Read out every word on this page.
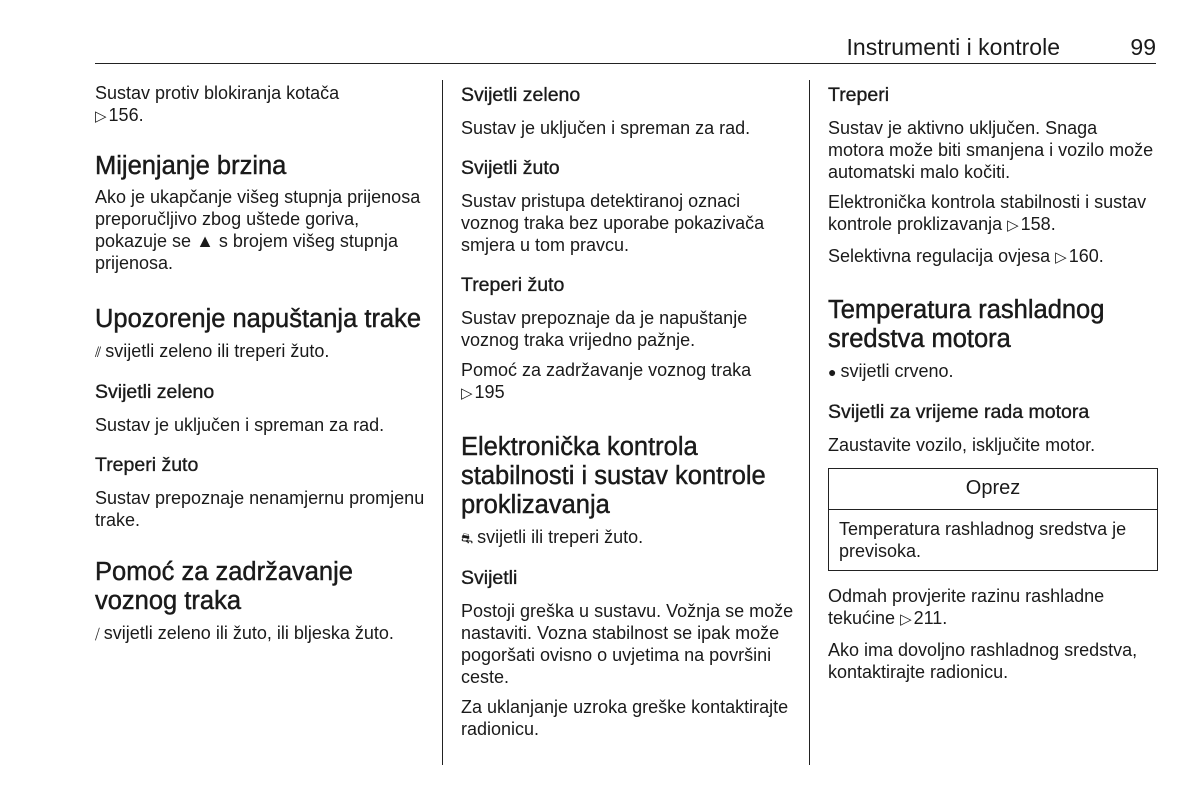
Instrumenti i kontrole	99

Sustav protiv blokiranja kotača
▷ 156.

Mijenjanje brzina

Ako je ukapčanje višeg stupnja prijenosa preporučljivo zbog uštede goriva, pokazuje se ▲ s brojem višeg stupnja prijenosa.

Upozorenje napuštanja trake

⫽ svijetli zeleno ili treperi žuto.

Svijetli zeleno

Sustav je uključen i spreman za rad.

Treperi žuto

Sustav prepoznaje nenamjernu promjenu trake.

Pomoć za zadržavanje voznog traka

⧸ svijetli zeleno ili žuto, ili bljeska žuto.

Svijetli zeleno

Sustav je uključen i spreman za rad.

Svijetli žuto

Sustav pristupa detektiranoj oznaci voznog traka bez uporabe pokazivača smjera u tom pravcu.

Treperi žuto

Sustav prepoznaje da je napuštanje voznog traka vrijedno pažnje.

Pomoć za zadržavanje voznog traka
▷ 195

Elektronička kontrola stabilnosti i sustav kontrole proklizavanja

⛐ svijetli ili treperi žuto.

Svijetli

Postoji greška u sustavu. Vožnja se može nastaviti. Vozna stabilnost se ipak može pogoršati ovisno o uvjetima na površini ceste.

Za uklanjanje uzroka greške kontaktirajte radionicu.

Treperi

Sustav je aktivno uključen. Snaga motora može biti smanjena i vozilo može automatski malo kočiti.

Elektronička kontrola stabilnosti i sustav kontrole proklizavanja ▷ 158.

Selektivna regulacija ovjesa ▷ 160.

Temperatura rashladnog sredstva motora

● svijetli crveno.

Svijetli za vrijeme rada motora

Zaustavite vozilo, isključite motor.

Oprez
Temperatura rashladnog sredstva je previsoka.

Odmah provjerite razinu rashladne tekućine ▷ 211.

Ako ima dovoljno rashladnog sredstva, kontaktirajte radionicu.
